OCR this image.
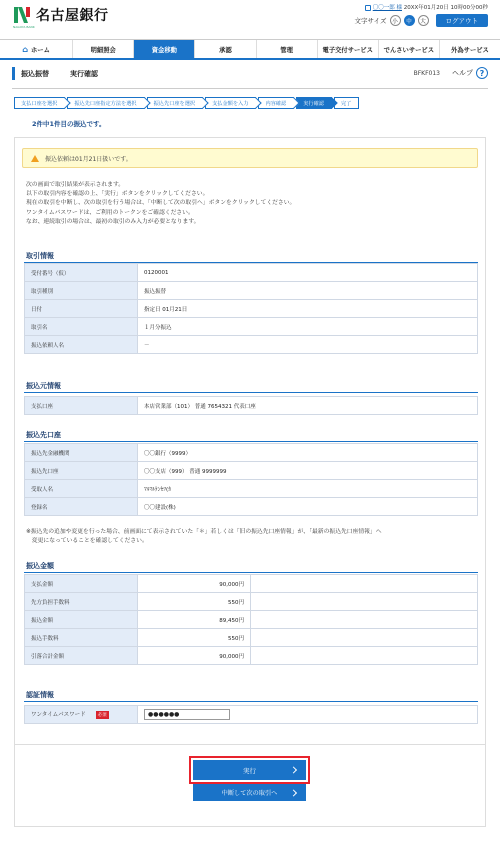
名古屋銀行
NAGOYA BANK
〇〇一郎 様 20XX年01月20日 10時00分00秒
文字サイズ	小	中	大	ログアウト
⌂ ホーム	明細照会	資金移動	承認	管理	電子交付サービス でんさいサービス	外為サービス
振込振替	実行確認	BFKF013 ヘルプ ?
支払口座を選択	振込先口座指定方法を選択	振込先口座を選択	支払金額を入力	内容確認	実行確認	完了
2件中1件目の振込です。
振込依頼は01月21日扱いです。
次の画面で取引結果が表示されます。
以下の取引内容を確認の上、「実行」ボタンをクリックしてください。
現在の取引を中断し、次の取引を行う場合は、「中断して次の取引へ」ボタンをクリックしてください。
ワンタイムパスワードは、ご利用のトークンをご確認ください。
なお、連続取引の場合は、最初の取引のみ入力が必要となります。
取引情報
受付番号（仮）	0120001
取引種別	振込振替
日付	指定日 01月21日
取引名	１月分振込
振込依頼人名	－
振込元情報
支払口座	本店営業部（101） 普通 7654321 代表口座
振込先口座
振込先金融機関	〇〇銀行（9999）
振込先口座	〇〇支店（999） 普通 9999999
受取人名	ﾏﾙﾏﾙｹﾝｾﾂ(ｶ
登録名	〇〇建設(株)
※振込先の追加や変更を行った場合、前画面にて表示されていた「＊」若しくは「旧の振込先口座情報」が、「最新の振込先口座情報」へ
　変更になっていることを確認してください。
振込金額
支払金額	90,000円	
先方負担手数料	550円	
振込金額	89,450円	
振込手数料	550円	
引落合計金額	90,000円	
認証情報
ワンタイムパスワード	必須	●●●●●●
実行
中断して次の取引へ
